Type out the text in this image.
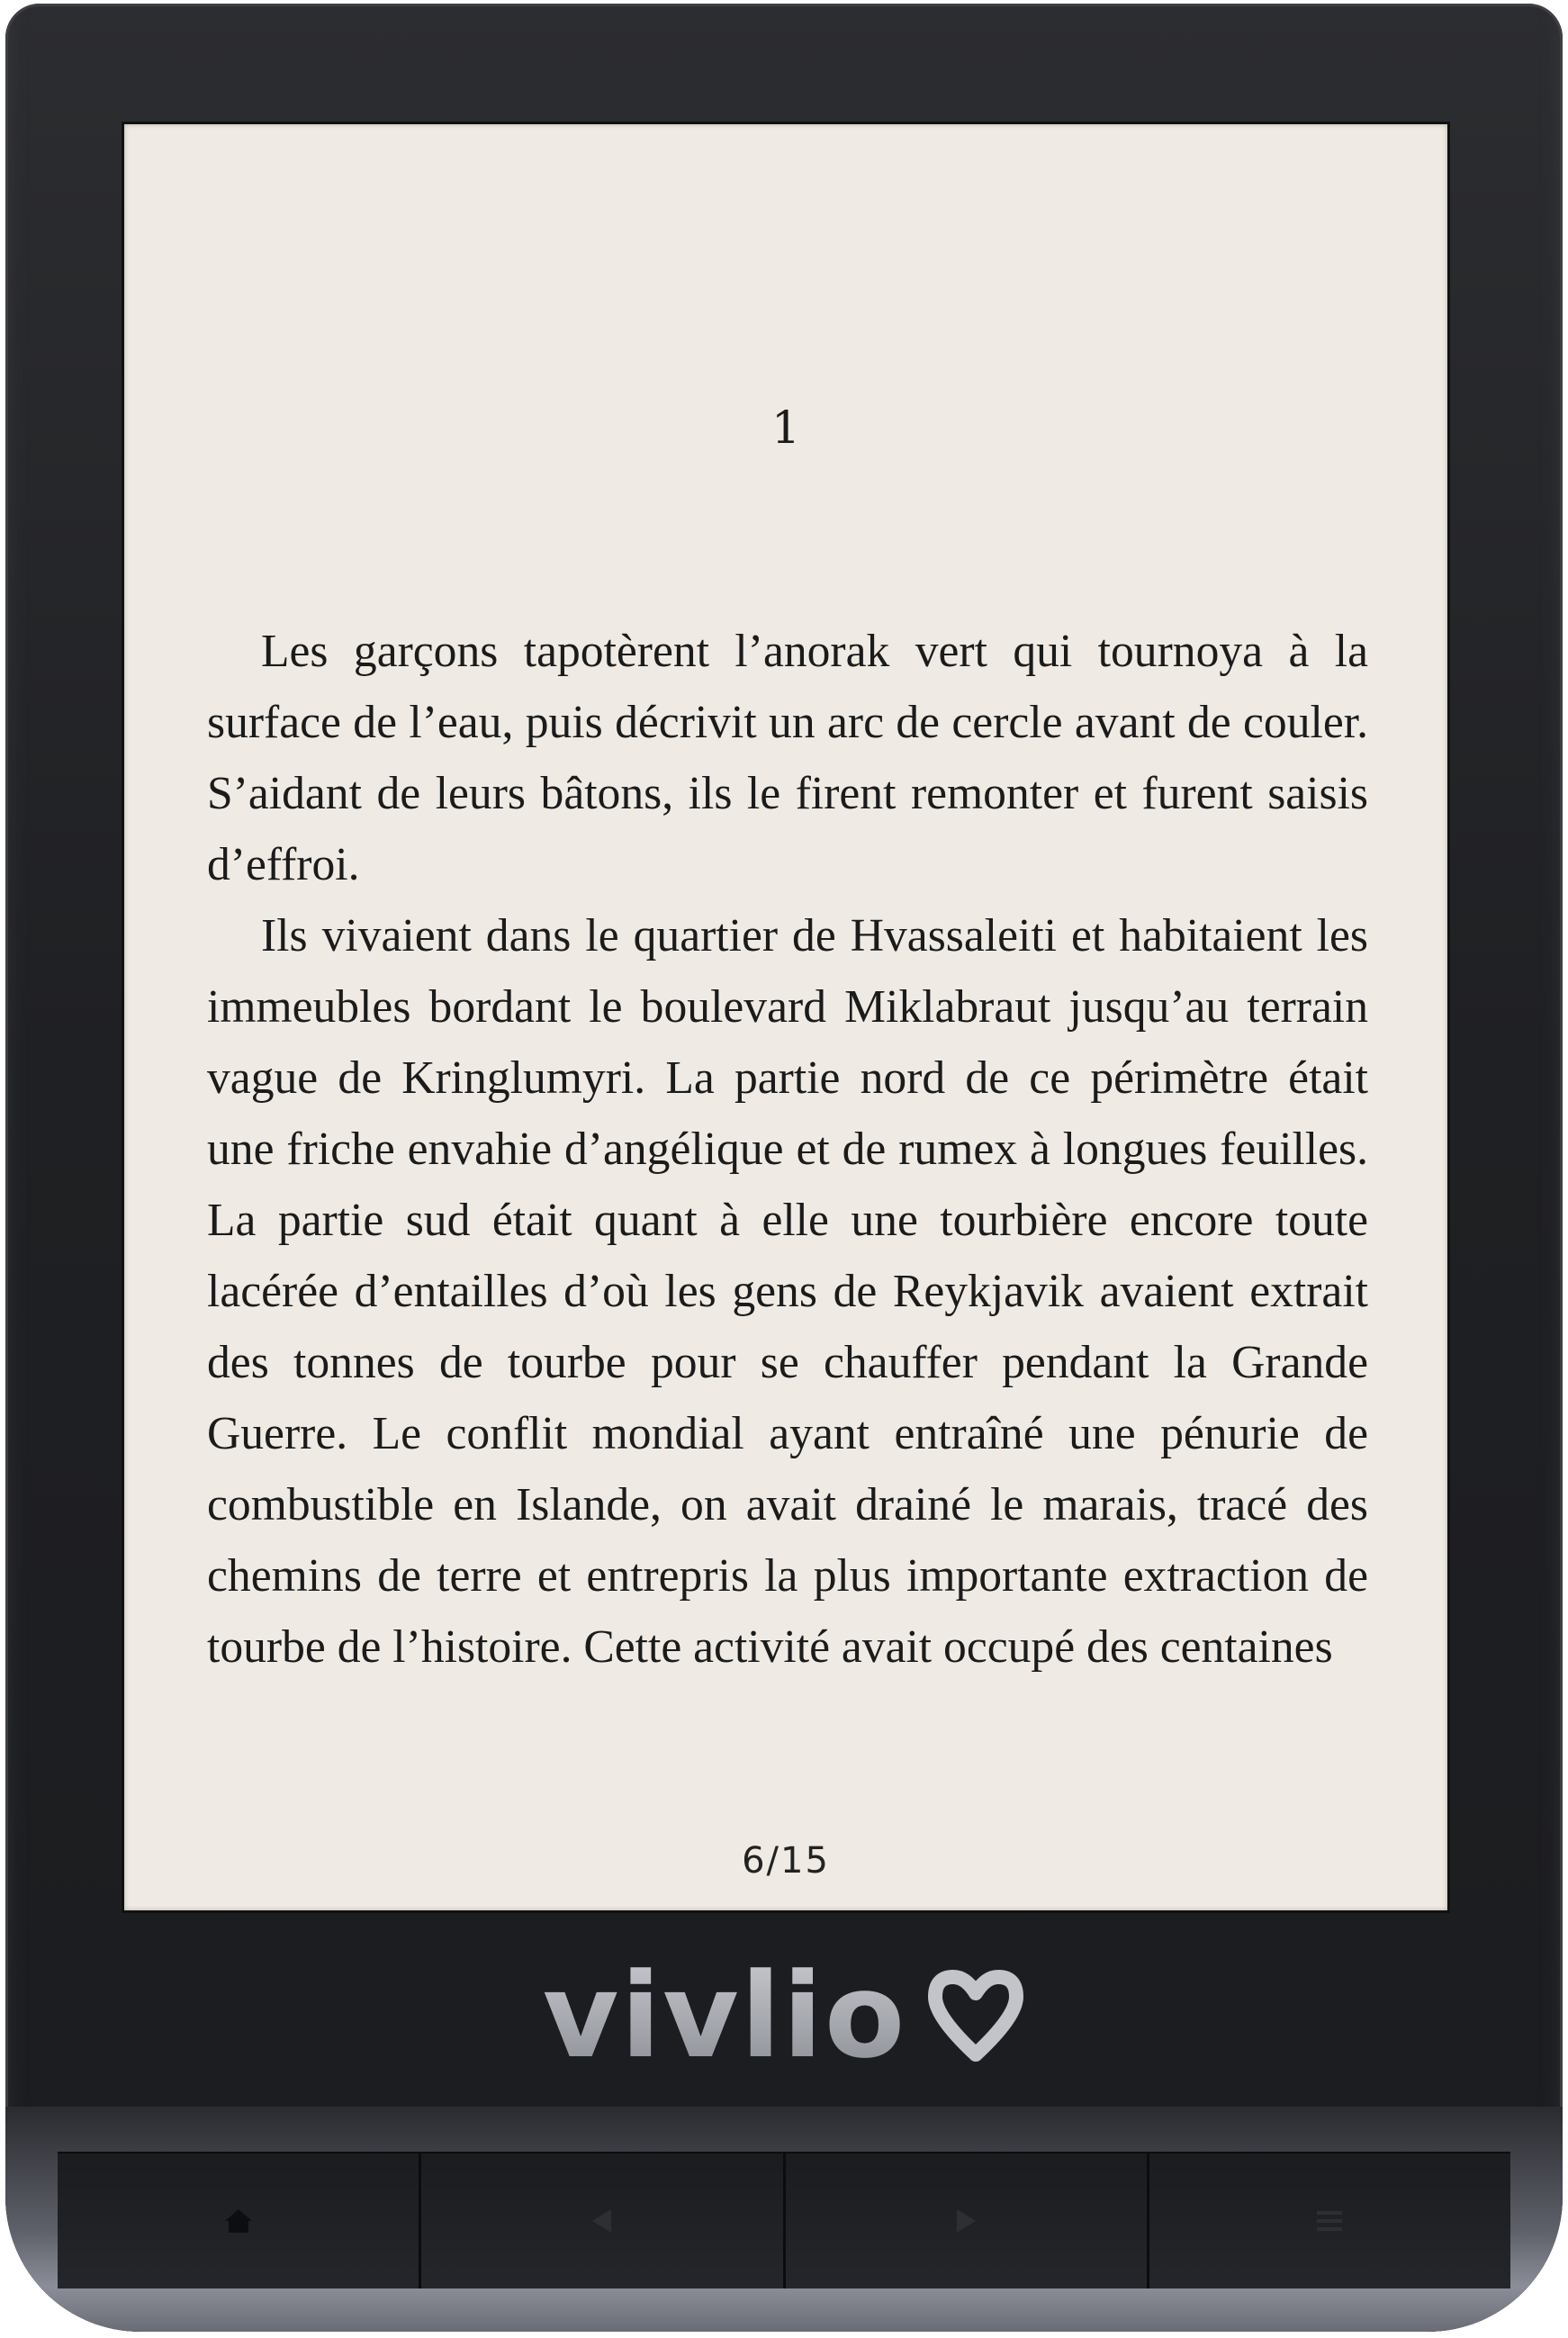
1

Les garçons tapotèrent l’anorak vert qui tournoya à la surface de l’eau, puis décrivit un arc de cercle avant de couler. S’aidant de leurs bâtons, ils le firent remonter et furent saisis d’effroi.

Ils vivaient dans le quartier de Hvassaleiti et habitaient les immeubles bordant le boulevard Miklabraut jusqu’au terrain vague de Kringlumyri. La partie nord de ce périmètre était une friche envahie d’angélique et de rumex à longues feuilles. La partie sud était quant à elle une tourbière encore toute lacérée d’entailles d’où les gens de Reykjavik avaient extrait des tonnes de tourbe pour se chauffer pendant la Grande Guerre. Le conflit mondial ayant entraîné une pénurie de combustible en Islande, on avait drainé le marais, tracé des chemins de terre et entrepris la plus importante extraction de tourbe de l’histoire. Cette activité avait occupé des centaines

6/15
vivlio
